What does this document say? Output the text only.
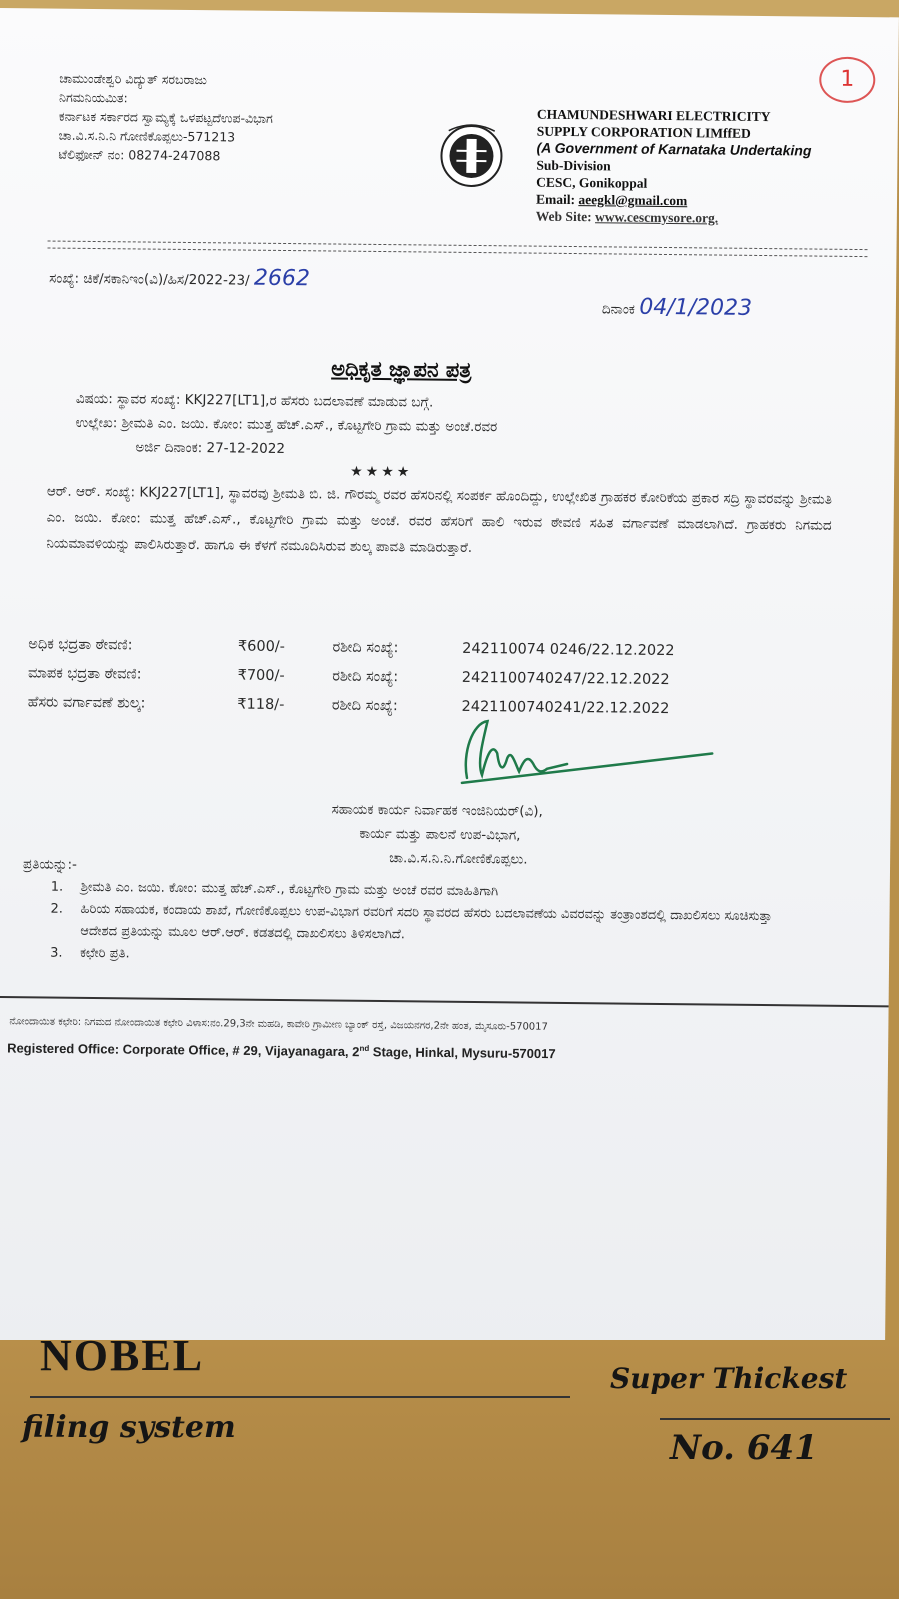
ಚಾಮುಂಡೇಶ್ವರಿ ವಿದ್ಯುತ್ ಸರಬರಾಜು
ನಿಗಮನಿಯಮಿತ:
ಕರ್ನಾಟಕ ಸರ್ಕಾರದ ಸ್ವಾಮ್ಯಕ್ಕೆ ಒಳಪಟ್ಟದೆಉಪ-ವಿಭಾಗ
ಚಾ.ವಿ.ಸ.ನಿ.ನಿ ಗೋಣಿಕೊಪ್ಪಲು-571213
ಟೆಲಿಫೋನ್ ನಂ: 08274-247088
CHAMUNDESHWARI ELECTRICITY
SUPPLY CORPORATION LIMffED
(A Government of Karnataka Undertaking
Sub-Division
CESC, Gonikoppal
Email: aeegkl@gmail.com
Web Site: www.cescmysore.org.
1
ಸಂಖ್ಯೆ: ಚಿಕೆ/ಸಕಾನಿಇಂ(ವಿ)/ಹಿಸ/2022-23/ 2662
ದಿನಾಂಕ 04/1/2023
ಅಧಿಕೃತ ಜ್ಞಾಪನ ಪತ್ರ
ವಿಷಯ: ಸ್ಥಾವರ ಸಂಖ್ಯೆ: KKJ227[LT1],ರ ಹೆಸರು ಬದಲಾವಣೆ ಮಾಡುವ ಬಗ್ಗೆ.
ಉಲ್ಲೇಖ: ಶ್ರೀಮತಿ ಎಂ. ಜಯಿ. ಕೋಂ: ಮುತ್ತ ಹೆಚ್.ಎಸ್., ಕೊಟ್ಟಗೇರಿ ಗ್ರಾಮ ಮತ್ತು ಅಂಚೆ.ರವರ
ಅರ್ಜಿ ದಿನಾಂಕ: 27-12-2022
★★★★
ಆರ್. ಆರ್. ಸಂಖ್ಯೆ: KKJ227[LT1], ಸ್ಥಾವರವು ಶ್ರೀಮತಿ ಬಿ. ಜಿ. ಗೌರಮ್ಮ ರವರ ಹೆಸರಿನಲ್ಲಿ ಸಂಪರ್ಕ ಹೊಂದಿದ್ದು, ಉಲ್ಲೇಖಿತ ಗ್ರಾಹಕರ ಕೋರಿಕೆಯ ಪ್ರಕಾರ ಸದ್ರಿ ಸ್ಥಾವರವನ್ನು ಶ್ರೀಮತಿ ಎಂ. ಜಯಿ. ಕೋಂ: ಮುತ್ತ ಹೆಚ್.ಎಸ್., ಕೊಟ್ಟಗೇರಿ ಗ್ರಾಮ ಮತ್ತು ಅಂಚೆ. ರವರ ಹೆಸರಿಗೆ ಹಾಲಿ ಇರುವ ಠೇವಣಿ ಸಹಿತ ವರ್ಗಾವಣೆ ಮಾಡಲಾಗಿದೆ. ಗ್ರಾಹಕರು ನಿಗಮದ ನಿಯಮಾವಳಿಯನ್ನು ಪಾಲಿಸಿರುತ್ತಾರೆ. ಹಾಗೂ ಈ ಕೆಳಗೆ ನಮೂದಿಸಿರುವ ಶುಲ್ಕ ಪಾವತಿ ಮಾಡಿರುತ್ತಾರೆ.
ಅಧಿಕ ಭದ್ರತಾ ಠೇವಣಿ:	₹600/-	ರಶೀದಿ ಸಂಖ್ಯೆ:	242110074 0246/22.12.2022
ಮಾಪಕ ಭದ್ರತಾ ಠೇವಣಿ:	₹700/-	ರಶೀದಿ ಸಂಖ್ಯೆ:	2421100740247/22.12.2022
ಹೆಸರು ವರ್ಗಾವಣೆ ಶುಲ್ಕ:	₹118/-	ರಶೀದಿ ಸಂಖ್ಯೆ:	2421100740241/22.12.2022
ಸಹಾಯಕ ಕಾರ್ಯ ನಿರ್ವಾಹಕ ಇಂಜಿನಿಯರ್(ವಿ),
ಕಾರ್ಯ ಮತ್ತು ಪಾಲನೆ ಉಪ-ವಿಭಾಗ,
ಚಾ.ವಿ.ಸ.ನಿ.ನಿ.ಗೋಣಿಕೊಪ್ಪಲು.
ಪ್ರತಿಯನ್ನು:-
1.	ಶ್ರೀಮತಿ ಎಂ. ಜಯಿ. ಕೋಂ: ಮುತ್ತ ಹೆಚ್.ಎಸ್., ಕೊಟ್ಟಗೇರಿ ಗ್ರಾಮ ಮತ್ತು ಅಂಚೆ ರವರ ಮಾಹಿತಿಗಾಗಿ
2.	ಹಿರಿಯ ಸಹಾಯಕ, ಕಂದಾಯ ಶಾಖೆ, ಗೋಣಿಕೊಪ್ಪಲು ಉಪ-ವಿಭಾಗ ರವರಿಗೆ ಸದರಿ ಸ್ಥಾವರದ ಹೆಸರು ಬದಲಾವಣೆಯ ವಿವರವನ್ನು ತಂತ್ರಾಂಶದಲ್ಲಿ ದಾಖಲಿಸಲು ಸೂಚಿಸುತ್ತಾ ಆದೇಶದ ಪ್ರತಿಯನ್ನು ಮೂಲ ಆರ್.ಆರ್. ಕಡತದಲ್ಲಿ ದಾಖಲಿಸಲು ತಿಳಿಸಲಾಗಿದೆ.
3.	ಕಛೇರಿ ಪ್ರತಿ.
ನೋಂದಾಯಿತ ಕಛೇರಿ: ನಿಗಮದ ನೋಂದಾಯಿತ ಕಛೇರಿ ವಿಳಾಸ:ನಂ.29,3ನೇ ಮಹಡಿ, ಕಾವೇರಿ ಗ್ರಾಮೀಣ ಬ್ಯಾಂಕ್ ರಸ್ತೆ, ವಿಜಯನಗರ,2ನೇ ಹಂತ, ಮೈಸೂರು-570017
Registered Office: Corporate Office, # 29, Vijayanagara, 2nd Stage, Hinkal, Mysuru-570017
NOBEL
filing system
Super Thickest
No. 641
